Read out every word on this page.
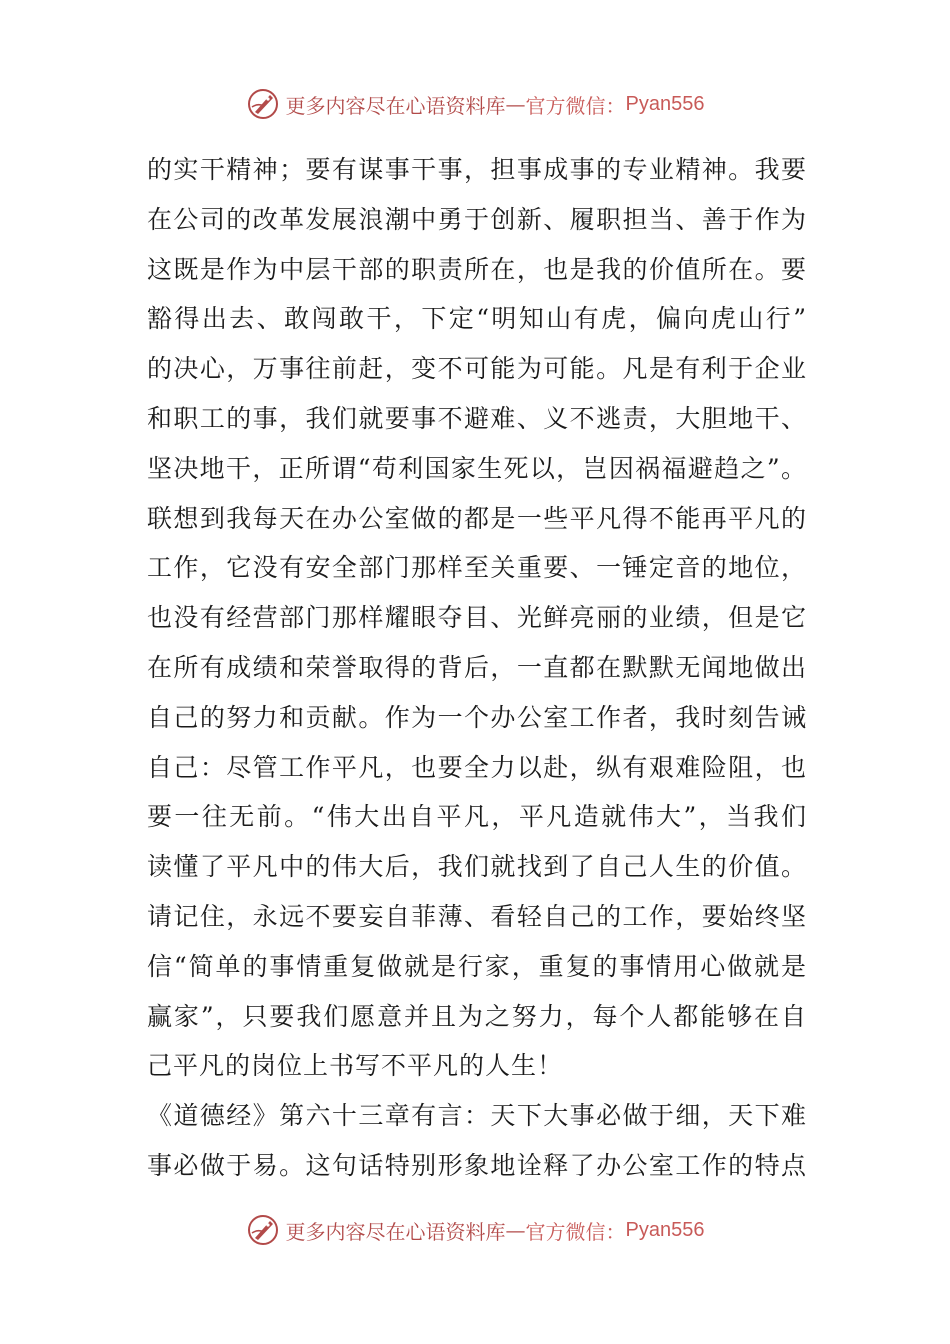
更多内容尽在心语资料库 — 官方微信： Pyan556
的实干精神；要有谋事干事，担事成事的专业精神。我要
在公司的改革发展浪潮中勇于创新、履职担当、善于作为
这既是作为中层干部的职责所在，也是我的价值所在。要
豁得出去、敢闯敢干，下定“明知山有虎，偏向虎山行”
的决心，万事往前赶，变不可能为可能。凡是有利于企业
和职工的事，我们就要事不避难、义不逃责，大胆地干、
坚决地干，正所谓“苟利国家生死以，岂因祸福避趋之”。
联想到我每天在办公室做的都是一些平凡得不能再平凡的
工作，它没有安全部门那样至关重要、一锤定音的地位，
也没有经营部门那样耀眼夺目、光鲜亮丽的业绩，但是它
在所有成绩和荣誉取得的背后，一直都在默默无闻地做出
自己的努力和贡献。作为一个办公室工作者，我时刻告诫
自己：尽管工作平凡，也要全力以赴，纵有艰难险阻，也
要一往无前。“伟大出自平凡，平凡造就伟大”，当我们
读懂了平凡中的伟大后，我们就找到了自己人生的价值。
请记住，永远不要妄自菲薄、看轻自己的工作，要始终坚
信“简单的事情重复做就是行家，重复的事情用心做就是
赢家”，只要我们愿意并且为之努力，每个人都能够在自
己平凡的岗位上书写不平凡的人生！
《道德经》第六十三章有言：天下大事必做于细，天下难
事必做于易。这句话特别形象地诠释了办公室工作的特点
更多内容尽在心语资料库 — 官方微信： Pyan556
